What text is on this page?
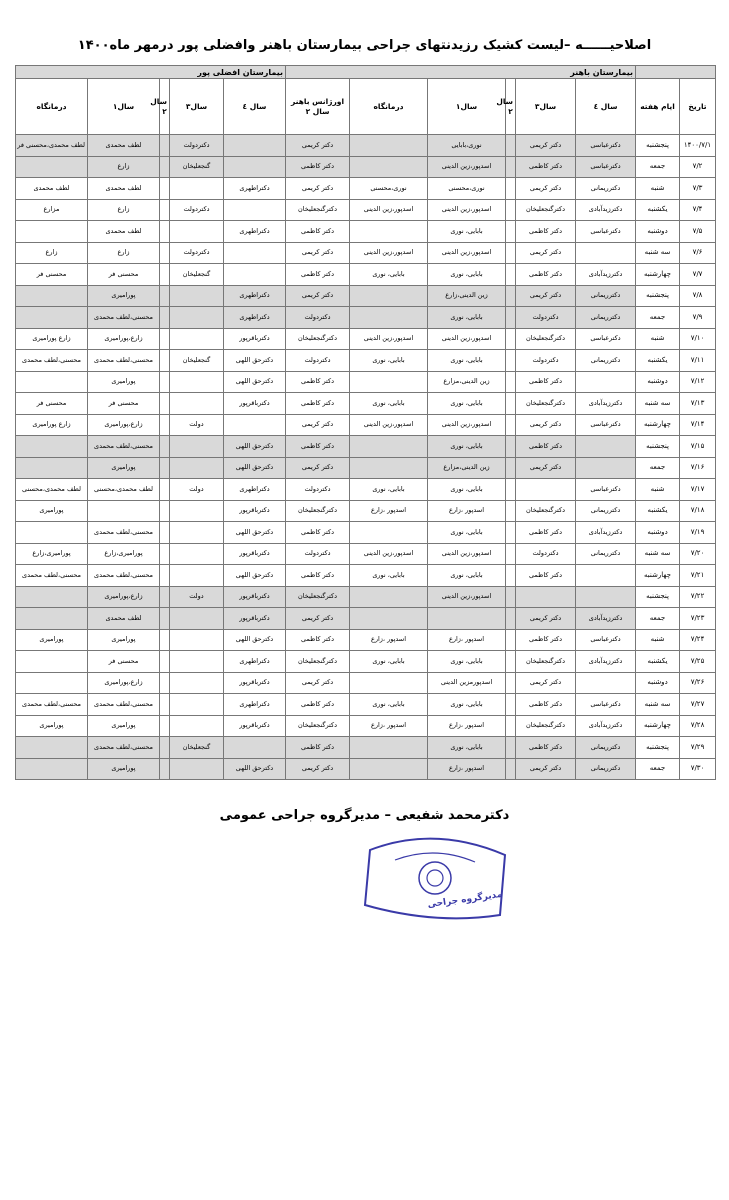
اصلاحیــــــه –لیست کشیک رزیدنتهای جراحی بیمارستان باهنر وافضلی پور درمهر ماه۱۴۰۰
		بیمارستان باهنر						بیمارستان افضلی پور				
تاریخ	ایام هفته	سال ٤	سال۳	سال ۲	سال۱	درمانگاه	اورژانس باهنر سال ۲	سال ٤	سال۳	سال ۲	سال۱	درمانگاه
۱۴۰۰/۷/۱	پنجشنبه	دکترعباسی	دکتر کریمی		نوری،بابایی		دکتر کریمی		دکتردولت		لطف محمدی	لطف محمدی،محسنی فر
۷/۲	جمعه	دکترعباسی	دکتر کاظمی		اسدپور،زین الدینی		دکتر کاظمی		گنجعلیخان		زارع	
۷/۳	شنبه	دکترریمانی	دکتر کریمی		نوری،محسنی	نوری،محسنی	دکتر کریمی	دکتراطهری			لطف محمدی	لطف محمدی
۷/۴	یکشنبه	دکترزیدآبادی	دکترگنجعلیخان		اسدپور،زین الدینی	اسدپور،زین الدینی	دکترگنجعلیخان		دکتردولت		زارع	مزارع
۷/۵	دوشنبه	دکترعباسی	دکتر کاظمی		بابایی، نوری		دکتر کاظمی	دکتراطهری			لطف محمدی	
۷/۶	سه شنبه		دکتر کریمی		اسدپور،زین الدینی	اسدپور،زین الدینی	دکتر کریمی		دکتردولت		زارع	زارع
۷/۷	چهارشنبه	دکترزیدآبادی	دکتر کاظمی		بابایی، نوری	بابایی، نوری	دکتر کاظمی		گنجعلیخان		محسنی فر	محسنی فر
۷/۸	پنجشنبه	دکترریمانی	دکتر کریمی		زین الدینی،زارع		دکتر کریمی	دکتراطهری			پورامیری	
۷/۹	جمعه	دکترریمانی	دکتردولت		بابایی، نوری		دکتردولت	دکتراطهری			محسنی،لطف محمدی	
۷/۱۰	شنبه	دکترعباسی	دکترگنجعلیخان		اسدپور،زین الدینی	اسدپور،زین الدینی	دکترگنجعلیخان	دکترباقرپور			زارع،پورامیری	زارع پورامیری
۷/۱۱	یکشنبه	دکترریمانی	دکتردولت		بابایی، نوری	بابایی، نوری	دکتردولت	دکترحق اللهی	گنجعلیخان		محسنی،لطف محمدی	محسنی،لطف محمدی
۷/۱۲	دوشنبه		دکتر کاظمی		زین الدینی،مزارع		دکتر کاظمی	دکترحق اللهی			پورامیری	
۷/۱۳	سه شنبه	دکترزیدآبادی	دکترگنجعلیخان		بابایی، نوری	بابایی، نوری	دکتر کاظمی	دکترباقرپور			محسنی فر	محسنی فر
۷/۱۴	چهارشنبه	دکترعباسی	دکتر کریمی		اسدپور،زین الدینی	اسدپور،زین الدینی	دکتر کریمی		دولت		زارع،پورامیری	زارع پورامیری
۷/۱۵	پنجشنبه		دکتر کاظمی		بابایی، نوری		دکتر کاظمی	دکترحق اللهی			محسنی،لطف محمدی	
۷/۱۶	جمعه		دکتر کریمی		زین الدینی،مزارع		دکتر کریمی	دکترحق اللهی			پورامیری	
۷/۱۷	شنبه	دکترعباسی			بابایی، نوری	بابایی، نوری	دکتردولت	دکتراطهری	دولت		لطف محمدی،محسنی	لطف محمدی،محسنی
۷/۱۸	یکشنبه	دکترریمانی	دکترگنجعلیخان		اسدپور ،زارع	اسدپور ،زارع	دکترگنجعلیخان	دکترباقرپور				پورامیری
۷/۱۹	دوشنبه	دکترزیدآبادی	دکتر کاظمی		بابایی، نوری		دکتر کاظمی	دکترحق اللهی			محسنی،لطف محمدی	
۷/۲۰	سه شنبه	دکترریمانی	دکتردولت		اسدپور،زین الدینی	اسدپور،زین الدینی	دکتردولت	دکترباقرپور			پورامیری،زارع	پورامیری،زارع
۷/۲۱	چهارشنبه		دکتر کاظمی		بابایی، نوری	بابایی، نوری	دکتر کاظمی	دکترحق اللهی			محسنی،لطف محمدی	محسنی،لطف محمدی
۷/۲۲	پنجشنبه				اسدپور،زین الدینی		دکترگنجعلیخان	دکترباقرپور	دولت		زارع،پورامیری	
۷/۲۳	جمعه	دکترزیدآبادی	دکتر کریمی				دکتر کریمی	دکترباقرپور			لطف محمدی	
۷/۲۴	شنبه	دکترعباسی	دکتر کاظمی		اسدپور ،زارع	اسدپور ،زارع	دکتر کاظمی	دکترحق اللهی			پورامیری	پورامیری
۷/۲۵	یکشنبه	دکترزیدآبادی	دکترگنجعلیخان		بابایی، نوری	بابایی، نوری	دکترگنجعلیخان	دکتراطهری			محسنی فر	
۷/۲۶	دوشنبه		دکتر کریمی		اسدپورمزین الدینی		دکتر کریمی	دکترباقرپور			زارع،پورامیری	
۷/۲۷	سه شنبه	دکترعباسی	دکتر کاظمی		بابایی، نوری	بابایی، نوری	دکتر کاظمی	دکتراطهری			محسنی،لطف محمدی	محسنی،لطف محمدی
۷/۲۸	چهارشنبه	دکترزیدآبادی	دکترگنجعلیخان		اسدپور ،زارع	اسدپور ،زارع	دکترگنجعلیخان	دکترباقرپور			پورامیری	پورامیری
۷/۲۹	پنجشنبه	دکترریمانی	دکتر کاظمی		بابایی، نوری		دکتر کاظمی		گنجعلیخان		محسنی،لطف محمدی	
۷/۳۰	جمعه	دکترریمانی	دکتر کریمی		اسدپور ،زارع		دکتر کریمی	دکترحق اللهی			پورامیری	
دکترمحمد شفیعی – مدیرگروه جراحی عمومی
مدیرگروه جراحی
